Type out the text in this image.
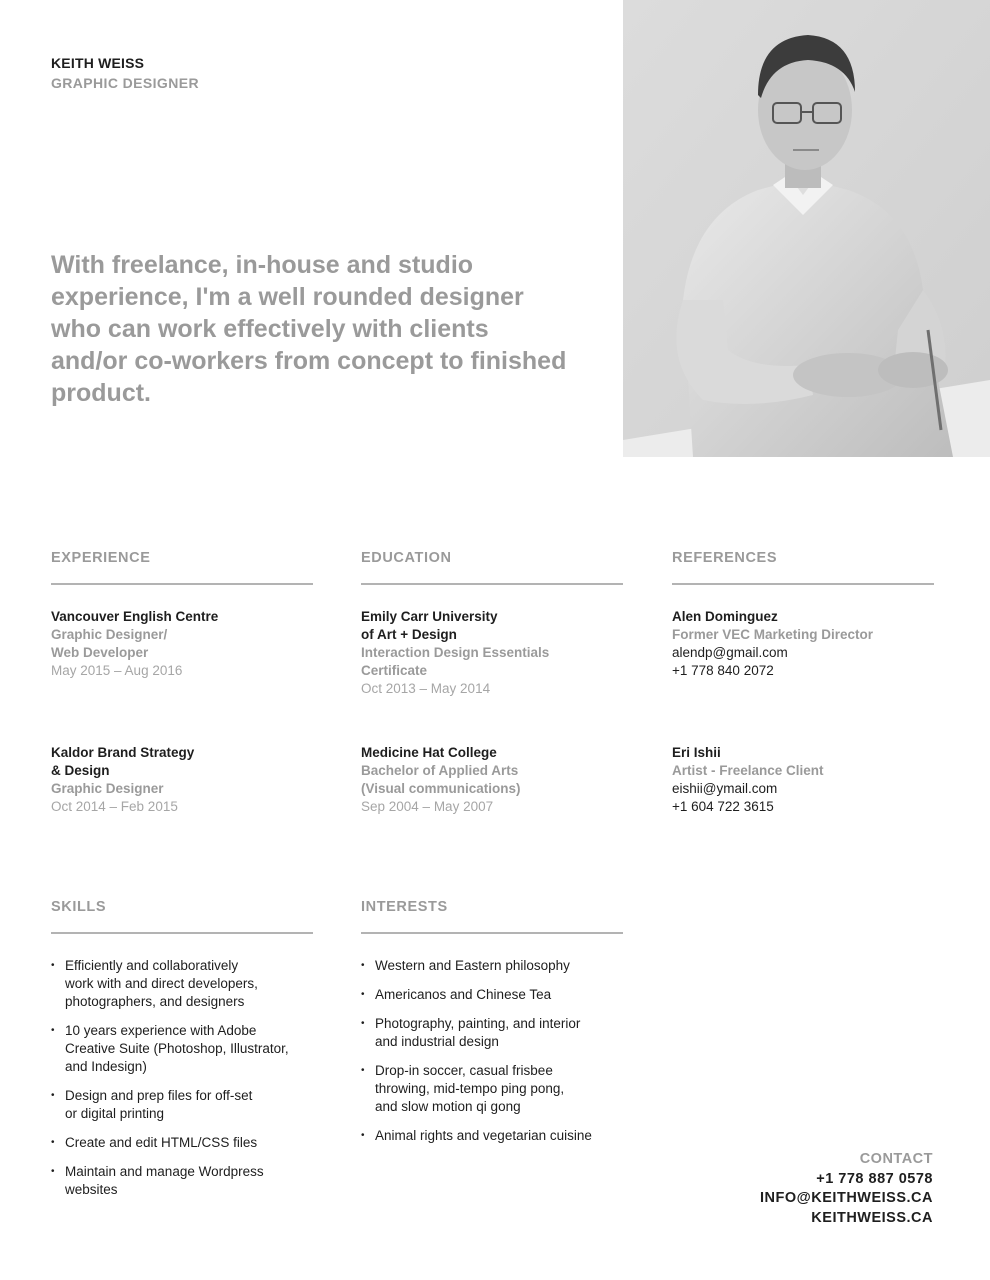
KEITH WEISS
GRAPHIC DESIGNER
With freelance, in-house and studio experience, I'm a well rounded designer who can work effectively with clients and/or co-workers from concept to finished product.
EXPERIENCE
Vancouver English Centre
Graphic Designer/
Web Developer
May 2015 – Aug 2016
Kaldor Brand Strategy
& Design
Graphic Designer
Oct 2014 – Feb 2015
EDUCATION
Emily Carr University
of Art + Design
Interaction Design Essentials
Certificate
Oct 2013 – May 2014
Medicine Hat College
Bachelor of Applied Arts
(Visual communications)
Sep 2004 – May 2007
REFERENCES
Alen Dominguez
Former VEC Marketing Director
alendp@gmail.com
+1 778 840 2072
Eri Ishii
Artist - Freelance Client
eishii@ymail.com
+1 604 722 3615
SKILLS
• Efficiently and collaboratively
work with and direct developers,
photographers, and designers
• 10 years experience with Adobe
Creative Suite (Photoshop, Illustrator,
and Indesign)
• Design and prep files for off-set
or digital printing
• Create and edit HTML/CSS files
• Maintain and manage Wordpress
websites
INTERESTS
• Western and Eastern philosophy
• Americanos and Chinese Tea
• Photography, painting, and interior
and industrial design
• Drop-in soccer, casual frisbee
throwing, mid-tempo ping pong,
and slow motion qi gong
• Animal rights and vegetarian cuisine
CONTACT
+1 778 887 0578
INFO@KEITHWEISS.CA
KEITHWEISS.CA
